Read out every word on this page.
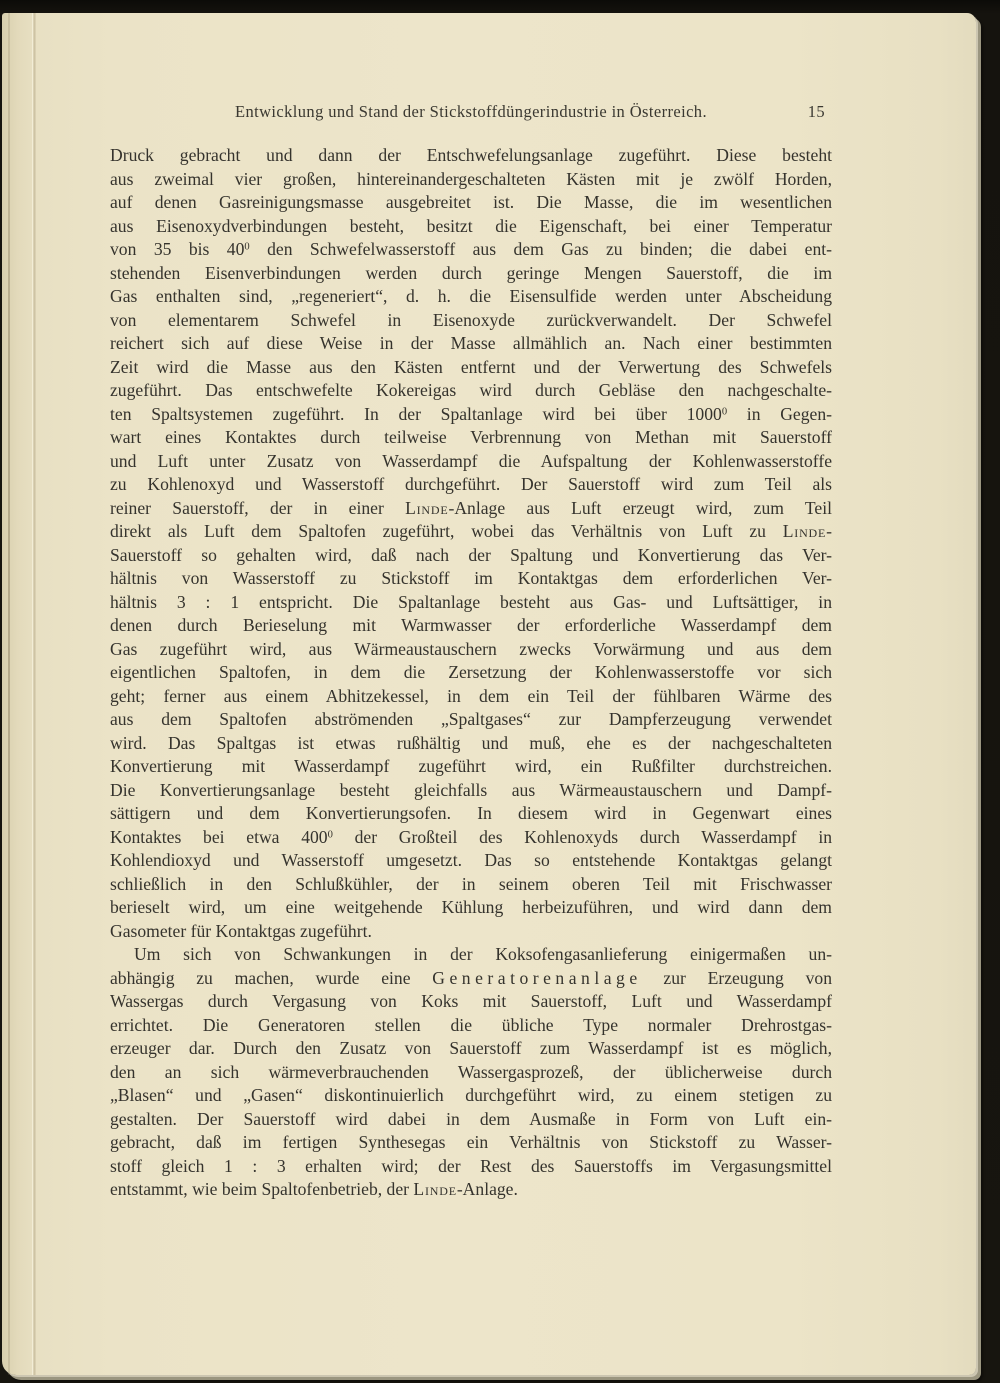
Entwicklung und Stand der Stickstoffdüngerindustrie in Österreich.	15
Druck gebracht und dann der Entschwefelungsanlage zugeführt. Diese besteht
aus zweimal vier großen, hintereinandergeschalteten Kästen mit je zwölf Horden,
auf denen Gasreinigungsmasse ausgebreitet ist. Die Masse, die im wesentlichen
aus Eisenoxydverbindungen besteht, besitzt die Eigenschaft, bei einer Temperatur
von 35 bis $40^0$ den Schwefelwasserstoff aus dem Gas zu binden; die dabei ent-
stehenden Eisenverbindungen werden durch geringe Mengen Sauerstoff, die im
Gas enthalten sind, „regeneriert“, d. h. die Eisensulfide werden unter Abscheidung
von elementarem Schwefel in Eisenoxyde zurückverwandelt. Der Schwefel
reichert sich auf diese Weise in der Masse allmählich an. Nach einer bestimmten
Zeit wird die Masse aus den Kästen entfernt und der Verwertung des Schwefels
zugeführt. Das entschwefelte Kokereigas wird durch Gebläse den nachgeschalte-
ten Spaltsystemen zugeführt. In der Spaltanlage wird bei über 1000$^0$ in Gegen-
wart eines Kontaktes durch teilweise Verbrennung von Methan mit Sauerstoff
und Luft unter Zusatz von Wasserdampf die Aufspaltung der Kohlenwasserstoffe
zu Kohlenoxyd und Wasserstoff durchgeführt. Der Sauerstoff wird zum Teil als
reiner Sauerstoff, der in einer Linde-Anlage aus Luft erzeugt wird, zum Teil
direkt als Luft dem Spaltofen zugeführt, wobei das Verhältnis von Luft zu Linde-
Sauerstoff so gehalten wird, daß nach der Spaltung und Konvertierung das Ver-
hältnis von Wasserstoff zu Stickstoff im Kontaktgas dem erforderlichen Ver-
hältnis 3 : 1 entspricht. Die Spaltanlage besteht aus Gas- und Luftsättiger, in
denen durch Berieselung mit Warmwasser der erforderliche Wasserdampf dem
Gas zugeführt wird, aus Wärmeaustauschern zwecks Vorwärmung und aus dem
eigentlichen Spaltofen, in dem die Zersetzung der Kohlenwasserstoffe vor sich
geht; ferner aus einem Abhitzekessel, in dem ein Teil der fühlbaren Wärme des
aus dem Spaltofen abströmenden „Spaltgases“ zur Dampferzeugung verwendet
wird. Das Spaltgas ist etwas rußhältig und muß, ehe es der nachgeschalteten
Konvertierung mit Wasserdampf zugeführt wird, ein Rußfilter durchstreichen.
Die Konvertierungsanlage besteht gleichfalls aus Wärmeaustauschern und Dampf-
sättigern und dem Konvertierungsofen. In diesem wird in Gegenwart eines
Kontaktes bei etwa $400^0$ der Großteil des Kohlenoxyds durch Wasserdampf in
Kohlendioxyd und Wasserstoff umgesetzt. Das so entstehende Kontaktgas gelangt
schließlich in den Schlußkühler, der in seinem oberen Teil mit Frischwasser
berieselt wird, um eine weitgehende Kühlung herbeizuführen, und wird dann dem
Gasometer für Kontaktgas zugeführt.
Um sich von Schwankungen in der Koksofengasanlieferung einigermaßen un-
abhängig zu machen, wurde eine Generatorenanlage zur Erzeugung von
Wassergas durch Vergasung von Koks mit Sauerstoff, Luft und Wasserdampf
errichtet. Die Generatoren stellen die übliche Type normaler Drehrostgas-
erzeuger dar. Durch den Zusatz von Sauerstoff zum Wasserdampf ist es möglich,
den an sich wärmeverbrauchenden Wassergasprozeß, der üblicherweise durch
„Blasen“ und „Gasen“ diskontinuierlich durchgeführt wird, zu einem stetigen zu
gestalten. Der Sauerstoff wird dabei in dem Ausmaße in Form von Luft ein-
gebracht, daß im fertigen Synthesegas ein Verhältnis von Stickstoff zu Wasser-
stoff gleich 1 : 3 erhalten wird; der Rest des Sauerstoffs im Vergasungsmittel
entstammt, wie beim Spaltofenbetrieb, der Linde-Anlage.
